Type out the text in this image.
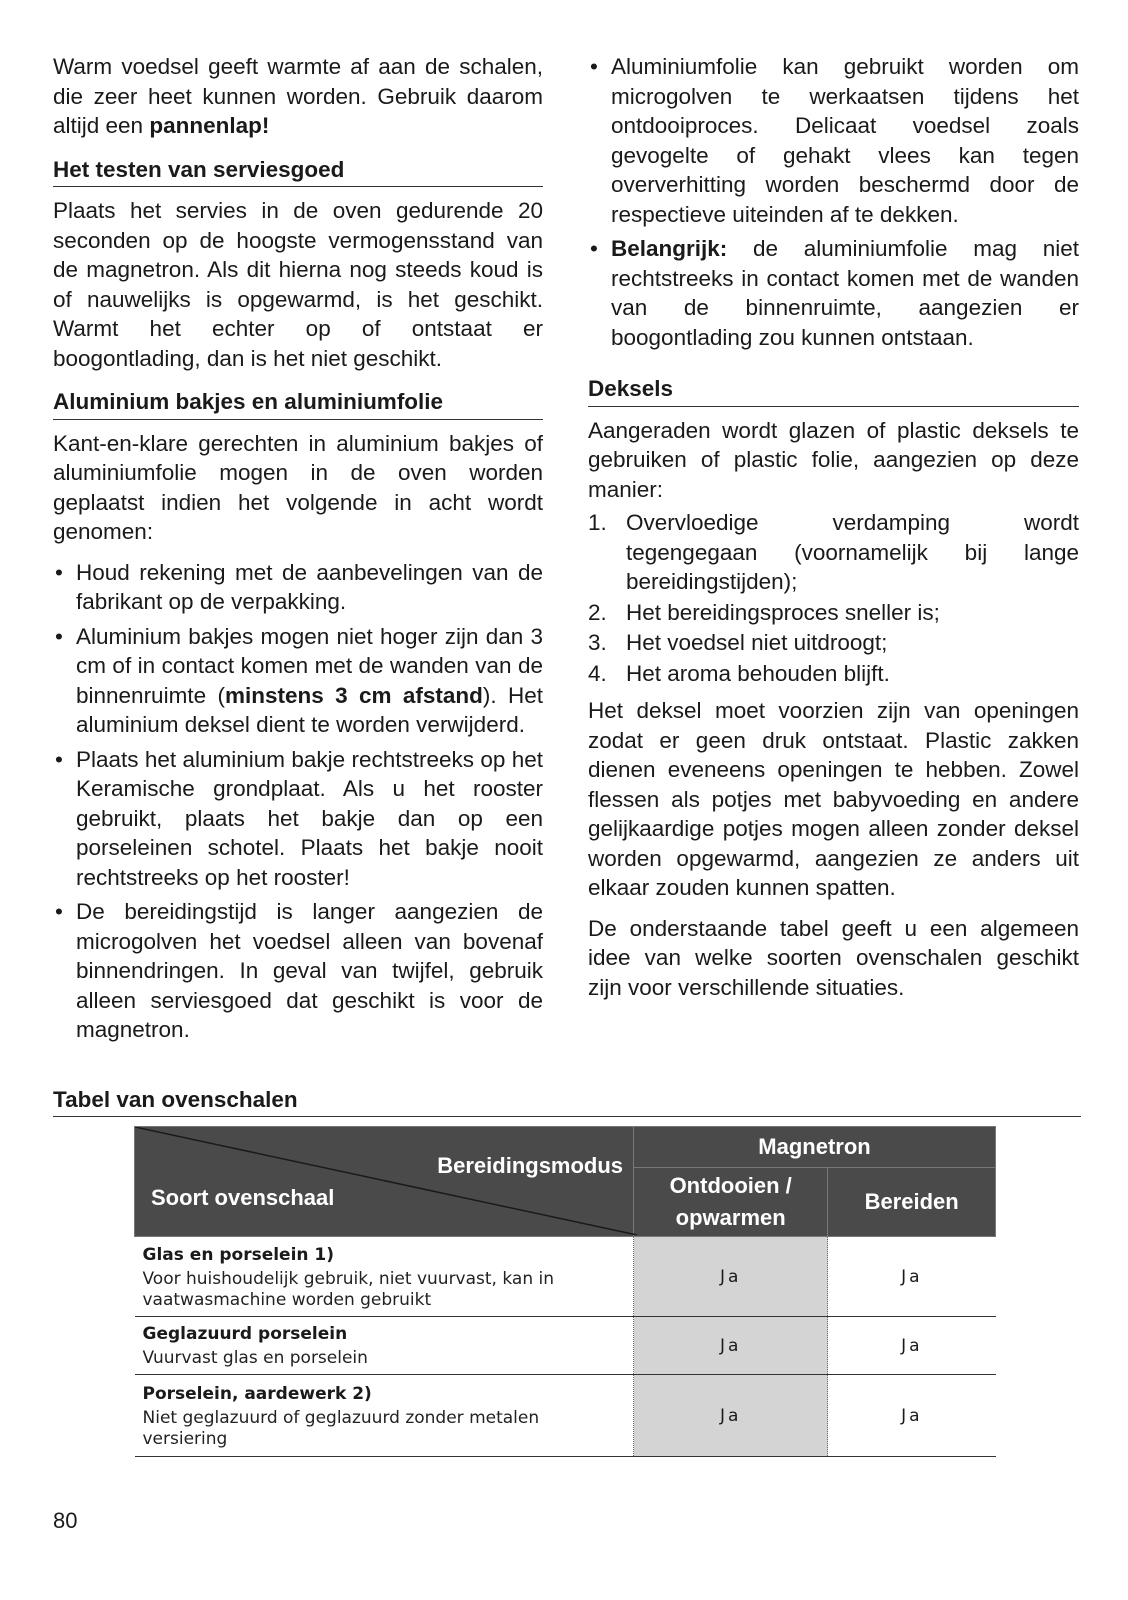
Warm voedsel geeft warmte af aan de schalen, die zeer heet kunnen worden. Gebruik daarom altijd een pannenlap!

Het testen van serviesgoed

Plaats het servies in de oven gedurende 20 seconden op de hoogste vermogensstand van de magnetron. Als dit hierna nog steeds koud is of nauwelijks is opgewarmd, is het geschikt. Warmt het echter op of ontstaat er boogontlading, dan is het niet geschikt.

Aluminium bakjes en aluminiumfolie

Kant-en-klare gerechten in aluminium bakjes of aluminiumfolie mogen in de oven worden geplaatst indien het volgende in acht wordt genomen:

• Houd rekening met de aanbevelingen van de fabrikant op de verpakking.
• Aluminium bakjes mogen niet hoger zijn dan 3 cm of in contact komen met de wanden van de binnenruimte (minstens 3 cm afstand). Het aluminium deksel dient te worden verwijderd.
• Plaats het aluminium bakje rechtstreeks op het Keramische grondplaat. Als u het rooster gebruikt, plaats het bakje dan op een porseleinen schotel. Plaats het bakje nooit rechtstreeks op het rooster!
• De bereidingstijd is langer aangezien de microgolven het voedsel alleen van bovenaf binnendringen. In geval van twijfel, gebruik alleen serviesgoed dat geschikt is voor de magnetron.
• Aluminiumfolie kan gebruikt worden om microgolven te werkaatsen tijdens het ontdooiproces. Delicaat voedsel zoals gevogelte of gehakt vlees kan tegen oververhitting worden beschermd door de respectieve uiteinden af te dekken.
• Belangrijk: de aluminiumfolie mag niet rechtstreeks in contact komen met de wanden van de binnenruimte, aangezien er boogontlading zou kunnen ontstaan.
Deksels

Aangeraden wordt glazen of plastic deksels te gebruiken of plastic folie, aangezien op deze manier:

1. Overvloedige verdamping wordt tegengegaan (voornamelijk bij lange bereidingstijden);
2. Het bereidingsproces sneller is;
3. Het voedsel niet uitdroogt;
4. Het aroma behouden blijft.

Het deksel moet voorzien zijn van openingen zodat er geen druk ontstaat. Plastic zakken dienen eveneens openingen te hebben. Zowel flessen als potjes met babyvoeding en andere gelijkaardige potjes mogen alleen zonder deksel worden opgewarmd, aangezien ze anders uit elkaar zouden kunnen spatten.

De onderstaande tabel geeft u een algemeen idee van welke soorten ovenschalen geschikt zijn voor verschillende situaties.

Tabel van ovenschalen
Bereidingsmodus
Soort ovenschaal	Magnetron	
	Ontdooien / opwarmen	Bereiden

Glas en porselein 1)
Voor huishoudelijk gebruik, niet vuurvast, kan in vaatwasmachine worden gebruikt	Ja	Ja

Geglazuurd porselein
Vuurvast glas en porselein	Ja	Ja

Porselein, aardewerk 2)
Niet geglazuurd of geglazuurd zonder metalen versiering	Ja	Ja
80
